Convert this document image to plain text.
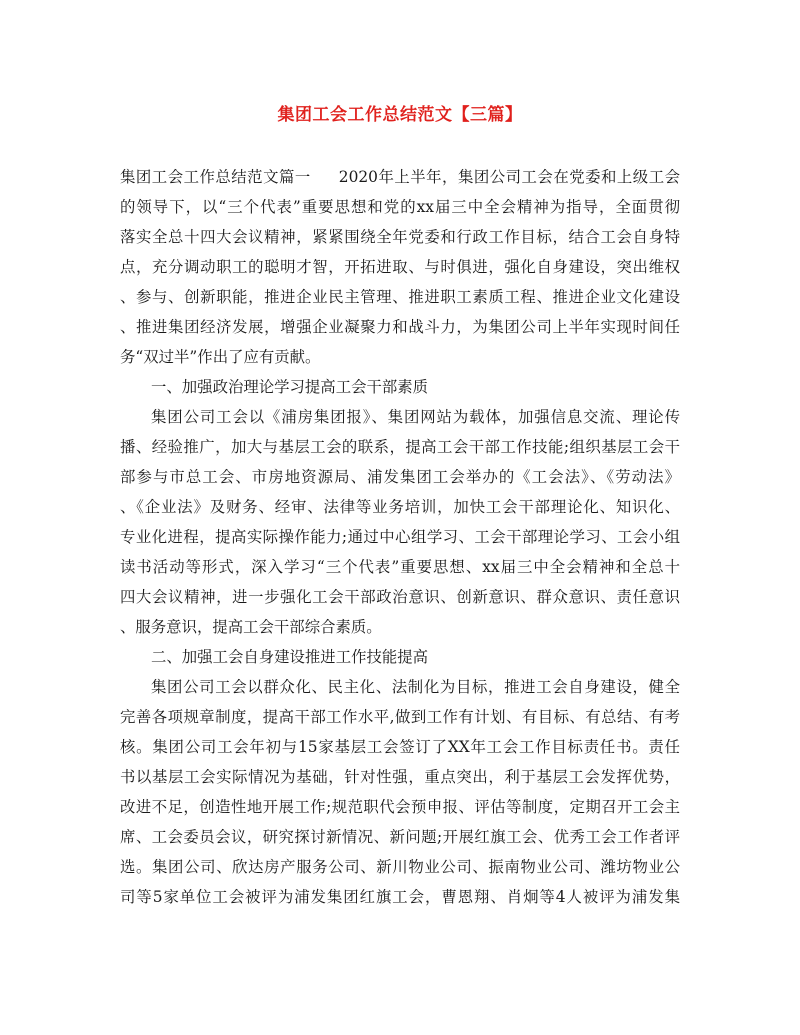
集团工会工作总结范文【三篇】
集团工会工作总结范文篇一 2020年上半年，集团公司工会在党委和上级工会
的领导下，以“三个代表”重要思想和党的xx届三中全会精神为指导，全面贯彻
落实全总十四大会议精神，紧紧围绕全年党委和行政工作目标，结合工会自身特
点，充分调动职工的聪明才智，开拓进取、与时俱进，强化自身建设，突出维权
、参与、创新职能，推进企业民主管理、推进职工素质工程、推进企业文化建设
、推进集团经济发展，增强企业凝聚力和战斗力，为集团公司上半年实现时间任
务“双过半”作出了应有贡献。
一、加强政治理论学习提高工会干部素质
集团公司工会以《浦房集团报》、集团网站为载体，加强信息交流、理论传
播、经验推广，加大与基层工会的联系，提高工会干部工作技能;组织基层工会干
部参与市总工会、市房地资源局、浦发集团工会举办的《工会法》、《劳动法》
、《企业法》及财务、经审、法律等业务培训，加快工会干部理论化、知识化、
专业化进程，提高实际操作能力;通过中心组学习、工会干部理论学习、工会小组
读书活动等形式，深入学习“三个代表”重要思想、xx届三中全会精神和全总十
四大会议精神，进一步强化工会干部政治意识、创新意识、群众意识、责任意识
、服务意识，提高工会干部综合素质。
二、加强工会自身建设推进工作技能提高
集团公司工会以群众化、民主化、法制化为目标，推进工会自身建设，健全
完善各项规章制度，提高干部工作水平,做到工作有计划、有目标、有总结、有考
核。集团公司工会年初与15家基层工会签订了XX年工会工作目标责任书。责任
书以基层工会实际情况为基础，针对性强，重点突出，利于基层工会发挥优势，
改进不足，创造性地开展工作;规范职代会预申报、评估等制度，定期召开工会主
席、工会委员会议，研究探讨新情况、新问题;开展红旗工会、优秀工会工作者评
选。集团公司、欣达房产服务公司、新川物业公司、振南物业公司、潍坊物业公
司等5家单位工会被评为浦发集团红旗工会，曹恩翔、肖炯等4人被评为浦发集
